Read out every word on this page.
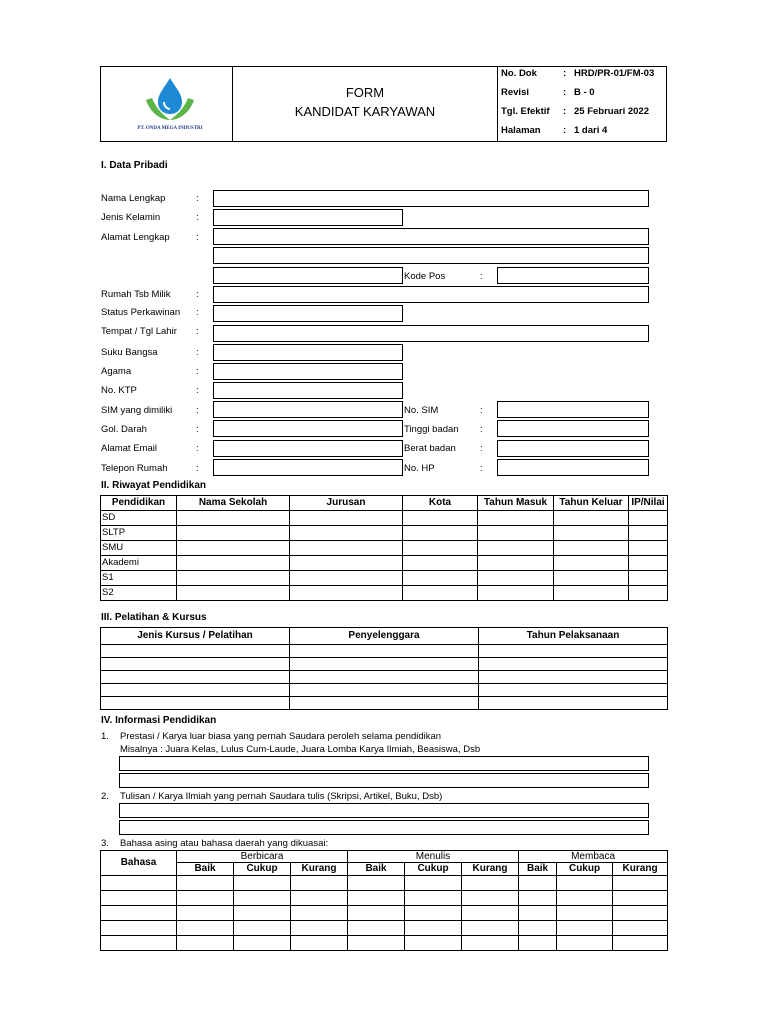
PT. ONDA MEGA INDUSTRI
FORM
KANDIDAT KARYAWAN
No. Dok	: HRD/PR-01/FM-03
Revisi	: B - 0
Tgl. Efektif : 25 Februari 2022
Halaman : 1 dari 4
I. Data Pribadi
Nama Lengkap	:
Jenis Kelamin	:
Alamat Lengkap	:
Kode Pos	:
Rumah Tsb Milik	:
Status Perkawinan :
Tempat / Tgl Lahir :
Suku Bangsa	:
Agama	:
No. KTP	:
SIM yang dimiliki :	No. SIM	:
Gol. Darah	:	Tinggi badan :
Alamat Email	:	Berat badan	:
Telepon Rumah	:	No. HP	:
II. Riwayat Pendidikan
Pendidikan	Nama Sekolah	Jurusan	Kota	Tahun Masuk	Tahun Keluar	IP/Nilai
SD						
SLTP						
SMU						
Akademi						
S1						
S2						
III. Pelatihan & Kursus
Jenis Kursus / Pelatihan	Penyelenggara	Tahun Pelaksanaan

IV. Informasi Pendidikan
1. Prestasi / Karya luar biasa yang pernah Saudara peroleh selama pendidikan
Misalnya : Juara Kelas, Lulus Cum-Laude, Juara Lomba Karya Ilmiah, Beasiswa, Dsb
2. Tulisan / Karya Ilmiah yang pernah Saudara tulis (Skripsi, Artikel, Buku, Dsb)
3. Bahasa asing atau bahasa daerah yang dikuasai:
Bahasa	Berbicara			Menulis			Membaca		
	Baik	Cukup	Kurang	Baik	Cukup	Kurang	Baik	Cukup	Kurang
